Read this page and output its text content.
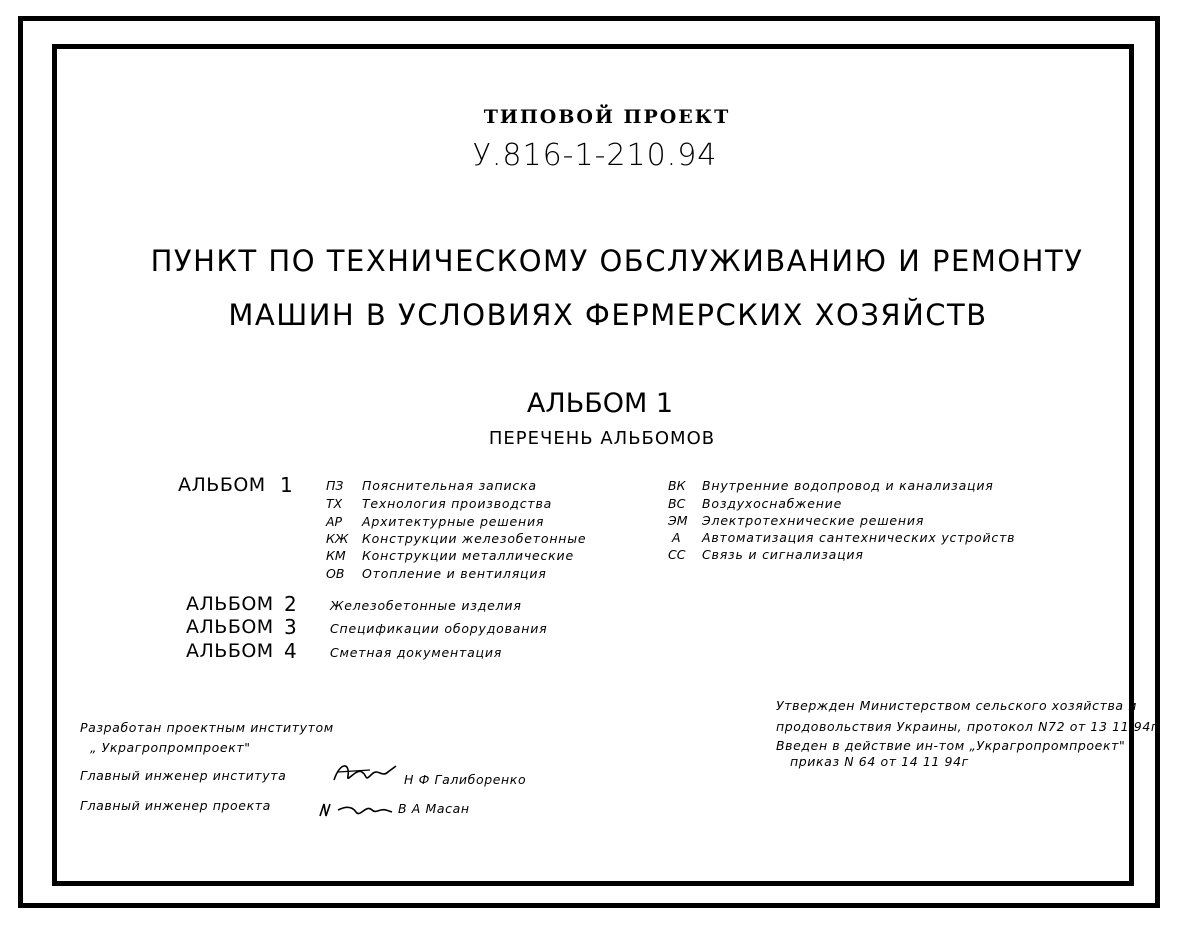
ТИПОВОЙ ПРОЕКТ
У.816-1-210.94
ПУНКТ ПО ТЕХНИЧЕСКОМУ ОБСЛУЖИВАНИЮ И РЕМОНТУ
МАШИН В УСЛОВИЯХ ФЕРМЕРСКИХ ХОЗЯЙСТВ
АЛЬБОМ 1
ПЕРЕЧЕНЬ АЛЬБОМОВ
АЛЬБОМ 1	ПЗ Пояснительная записка
ТХ Технология производства
АР Архитектурные решения
КЖ Конструкции железобетонные
КМ Конструкции металлические
ОВ Отопление и вентиляция
ВК Внутренние водопровод и канализация
ВС Воздухоснабжение
ЭМ Электротехнические решения
А Автоматизация сантехнических устройств
СС Связь и сигнализация
АЛЬБОМ 2	Железобетонные изделия
АЛЬБОМ 3	Спецификации оборудования
АЛЬБОМ 4	Сметная документация
Разработан проектным институтом
„ Украгропромпроект"
Главный инженер института	Н Ф Галибоpенко
Главный инженер проекта	В А Масан
Утвержден Министерством сельского хозяйства и
продовольствия Украины, протокол N72 от 13 11 94г
Введен в действие ин-том „Украгропромпроект"
приказ N 64 от 14 11 94г
